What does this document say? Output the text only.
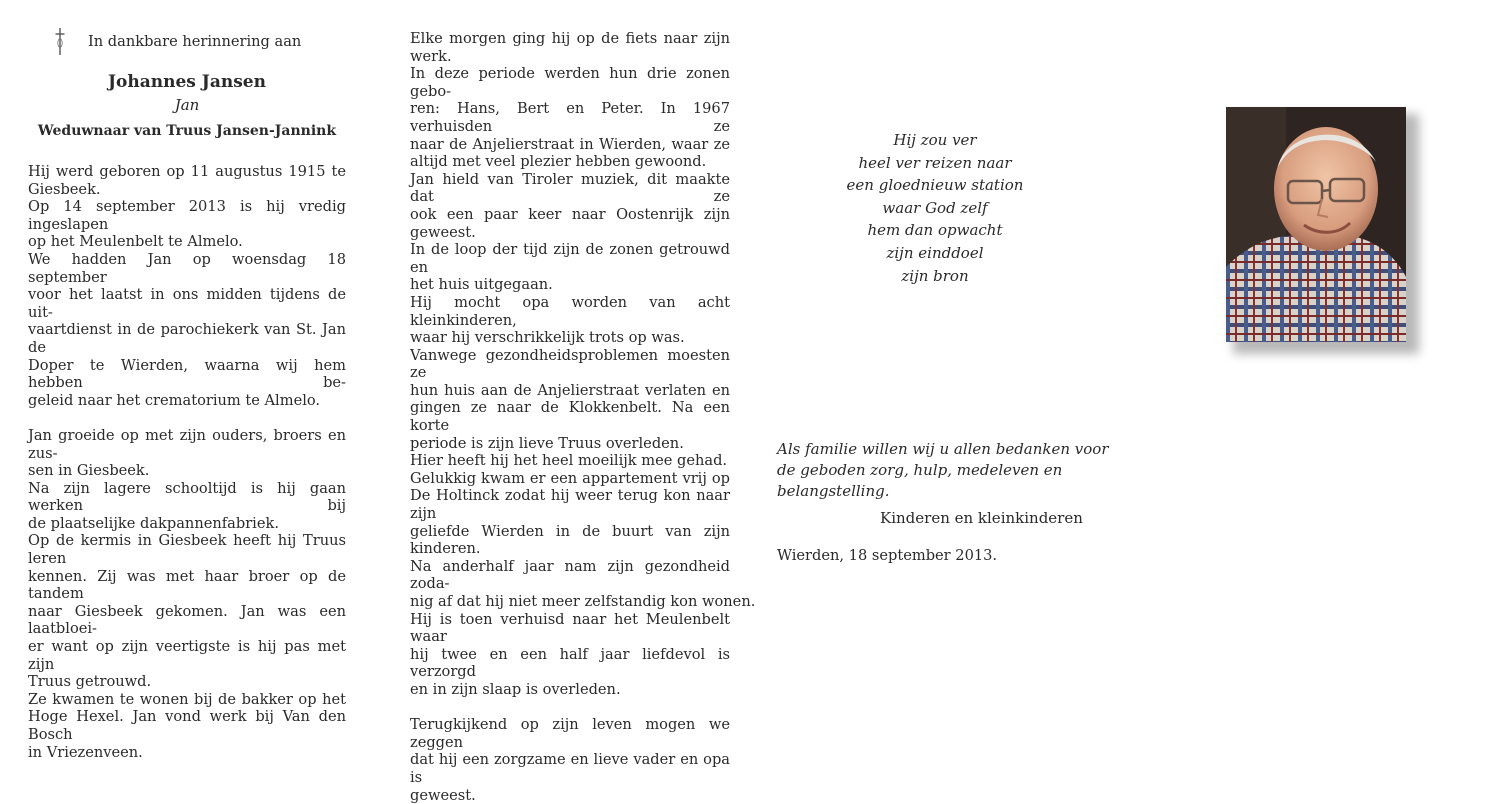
In dankbare herinnering aan
Johannes Jansen
Jan
Weduwnaar van Truus Jansen-Jannink
Hij werd geboren op 11 augustus 1915 te
Giesbeek.
Op 14 september 2013 is hij vredig ingeslapen
op het Meulenbelt te Almelo.
We hadden Jan op woensdag 18 september
voor het laatst in ons midden tijdens de uit-
vaartdienst in de parochiekerk van St. Jan de
Doper te Wierden, waarna wij hem hebben be-
geleid naar het crematorium te Almelo.
Jan groeide op met zijn ouders, broers en zus-
sen in Giesbeek.
Na zijn lagere schooltijd is hij gaan werken bij
de plaatselijke dakpannenfabriek.
Op de kermis in Giesbeek heeft hij Truus leren
kennen. Zij was met haar broer op de tandem
naar Giesbeek gekomen. Jan was een laatbloei-
er want op zijn veertigste is hij pas met zijn
Truus getrouwd.
Ze kwamen te wonen bij de bakker op het
Hoge Hexel. Jan vond werk bij Van den Bosch
in Vriezenveen.
Elke morgen ging hij op de fiets naar zijn
werk.
In deze periode werden hun drie zonen gebo-
ren: Hans, Bert en Peter. In 1967 verhuisden ze
naar de Anjelierstraat in Wierden, waar ze
altijd met veel plezier hebben gewoond.
Jan hield van Tiroler muziek, dit maakte dat ze
ook een paar keer naar Oostenrijk zijn
geweest.
In de loop der tijd zijn de zonen getrouwd en
het huis uitgegaan.
Hij mocht opa worden van acht kleinkinderen,
waar hij verschrikkelijk trots op was.
Vanwege gezondheidsproblemen moesten ze
hun huis aan de Anjelierstraat verlaten en
gingen ze naar de Klokkenbelt. Na een korte
periode is zijn lieve Truus overleden.
Hier heeft hij het heel moeilijk mee gehad.
Gelukkig kwam er een appartement vrij op
De Holtinck zodat hij weer terug kon naar zijn
geliefde Wierden in de buurt van zijn
kinderen.
Na anderhalf jaar nam zijn gezondheid zoda-
nig af dat hij niet meer zelfstandig kon wonen.
Hij is toen verhuisd naar het Meulenbelt waar
hij twee en een half jaar liefdevol is verzorgd
en in zijn slaap is overleden.
Terugkijkend op zijn leven mogen we zeggen
dat hij een zorgzame en lieve vader en opa is
geweest.
Hij zou ver
heel ver reizen naar
een gloednieuw station
waar God zelf
hem dan opwacht
zijn einddoel
zijn bron
Als familie willen wij u allen bedanken voor
de geboden zorg, hulp, medeleven en
belangstelling.
Kinderen en kleinkinderen
Wierden, 18 september 2013.
